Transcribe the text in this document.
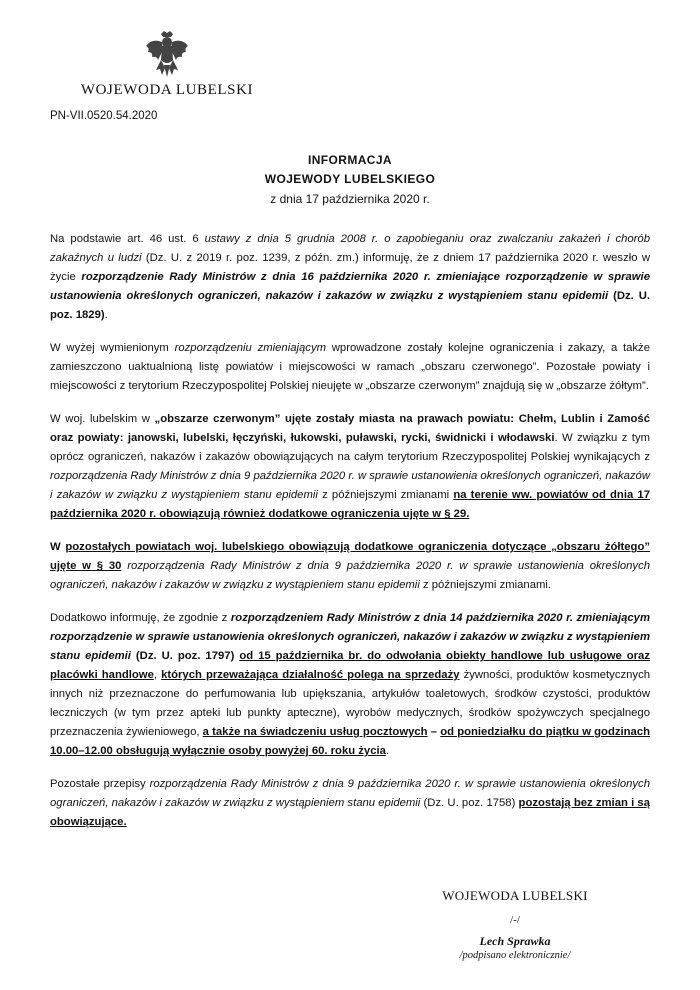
WOJEWODA LUBELSKI
PN-VII.0520.54.2020
INFORMACJA
WOJEWODY LUBELSKIEGO
z dnia 17 października 2020 r.

Na podstawie art. 46 ust. 6 ustawy z dnia 5 grudnia 2008 r. o zapobieganiu oraz zwalczaniu zakażeń i chorób zakaźnych u ludzi (Dz. U. z 2019 r. poz. 1239, z późn. zm.) informuję, że z dniem 17 października 2020 r. weszło w życie rozporządzenie Rady Ministrów z dnia 16 października 2020 r. zmieniające rozporządzenie w sprawie ustanowienia określonych ograniczeń, nakazów i zakazów w związku z wystąpieniem stanu epidemii (Dz. U. poz. 1829).

W wyżej wymienionym rozporządzeniu zmieniającym wprowadzone zostały kolejne ograniczenia i zakazy, a także zamieszczono uaktualnioną listę powiatów i miejscowości w ramach „obszaru czerwonego”. Pozostałe powiaty i miejscowości z terytorium Rzeczypospolitej Polskiej nieujęte w „obszarze czerwonym” znajdują się w „obszarze żółtym”.

W woj. lubelskim w „obszarze czerwonym” ujęte zostały miasta na prawach powiatu: Chełm, Lublin i Zamość oraz powiaty: janowski, lubelski, łęczyński, łukowski, puławski, rycki, świdnicki i włodawski. W związku z tym oprócz ograniczeń, nakazów i zakazów obowiązujących na całym terytorium Rzeczypospolitej Polskiej wynikających z rozporządzenia Rady Ministrów z dnia 9 października 2020 r. w sprawie ustanowienia określonych ograniczeń, nakazów i zakazów w związku z wystąpieniem stanu epidemii z późniejszymi zmianami na terenie ww. powiatów od dnia 17 października 2020 r. obowiązują również dodatkowe ograniczenia ujęte w § 29.

W pozostałych powiatach woj. lubelskiego obowiązują dodatkowe ograniczenia dotyczące „obszaru żółtego” ujęte w § 30 rozporządzenia Rady Ministrów z dnia 9 października 2020 r. w sprawie ustanowienia określonych ograniczeń, nakazów i zakazów w związku z wystąpieniem stanu epidemii z późniejszymi zmianami.

Dodatkowo informuję, że zgodnie z rozporządzeniem Rady Ministrów z dnia 14 października 2020 r. zmieniającym rozporządzenie w sprawie ustanowienia określonych ograniczeń, nakazów i zakazów w związku z wystąpieniem stanu epidemii (Dz. U. poz. 1797) od 15 października br. do odwołania obiekty handlowe lub usługowe oraz placówki handlowe, których przeważająca działalność polega na sprzedaży żywności, produktów kosmetycznych innych niż przeznaczone do perfumowania lub upiększania, artykułów toaletowych, środków czystości, produktów leczniczych (w tym przez apteki lub punkty apteczne), wyrobów medycznych, środków spożywczych specjalnego przeznaczenia żywieniowego, a także na świadczeniu usług pocztowych – od poniedziałku do piątku w godzinach 10.00–12.00 obsługują wyłącznie osoby powyżej 60. roku życia.

Pozostałe przepisy rozporządzenia Rady Ministrów z dnia 9 października 2020 r. w sprawie ustanowienia określonych ograniczeń, nakazów i zakazów w związku z wystąpieniem stanu epidemii (Dz. U. poz. 1758) pozostają bez zmian i są obowiązujące.

WOJEWODA LUBELSKI
/-/
Lech Sprawka
/podpisano elektronicznie/
